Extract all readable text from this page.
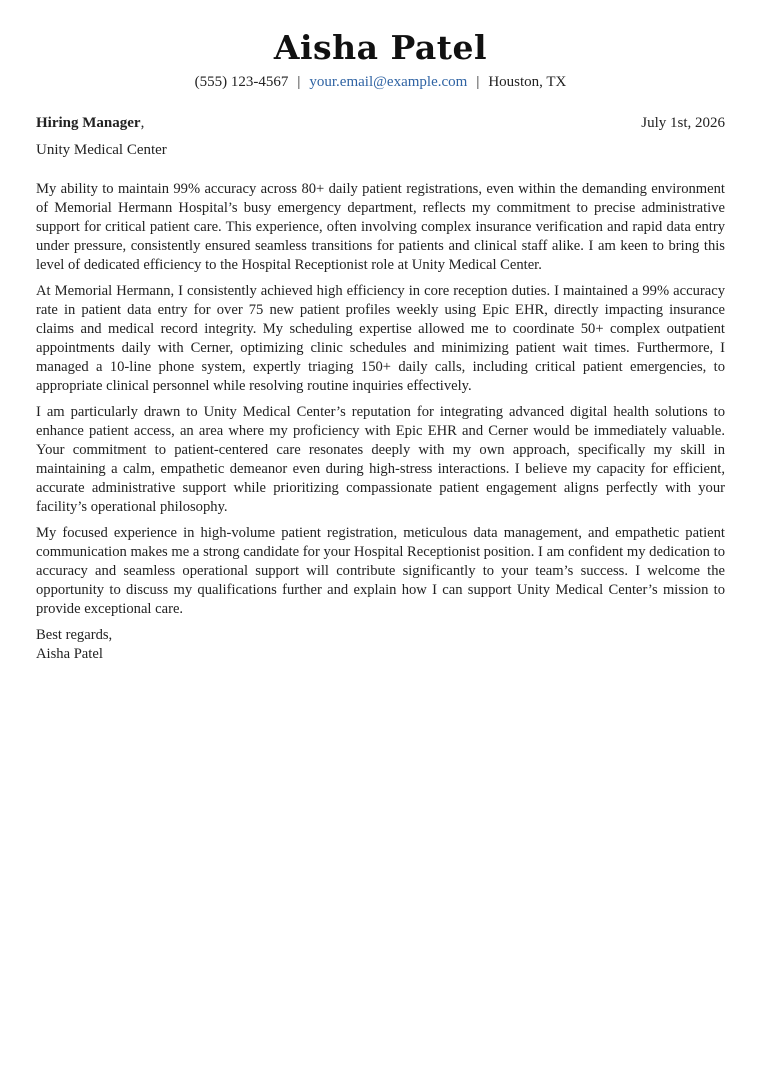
Aisha Patel
(555) 123-4567 | your.email@example.com | Houston, TX
Hiring Manager ,	July 1st, 2026
Unity Medical Center

My ability to maintain 99% accuracy across 80+ daily patient registrations, even within the demanding environment of Memorial Hermann Hospital’s busy emergency department, reflects my commitment to precise administrative support for critical patient care. This experience, often involving complex insurance verification and rapid data entry under pressure, consistently ensured seamless transitions for patients and clinical staff alike. I am keen to bring this level of dedicated efficiency to the Hospital Receptionist role at Unity Medical Center.

At Memorial Hermann, I consistently achieved high efficiency in core reception duties. I maintained a 99% accuracy rate in patient data entry for over 75 new patient profiles weekly using Epic EHR, directly impacting insurance claims and medical record integrity. My scheduling expertise allowed me to coordinate 50+ complex outpatient appointments daily with Cerner, optimizing clinic schedules and minimizing patient wait times. Furthermore, I managed a 10-line phone system, expertly triaging 150+ daily calls, including critical patient emergencies, to appropriate clinical personnel while resolving routine inquiries effectively.

I am particularly drawn to Unity Medical Center’s reputation for integrating advanced digital health solutions to enhance patient access, an area where my proficiency with Epic EHR and Cerner would be immediately valuable. Your commitment to patient-centered care resonates deeply with my own approach, specifically my skill in maintaining a calm, empathetic demeanor even during high-stress interactions. I believe my capacity for efficient, accurate administrative support while prioritizing compassionate patient engagement aligns perfectly with your facility’s operational philosophy.

My focused experience in high-volume patient registration, meticulous data management, and empathetic patient communication makes me a strong candidate for your Hospital Receptionist position. I am confident my dedication to accuracy and seamless operational support will contribute significantly to your team’s success. I welcome the opportunity to discuss my qualifications further and explain how I can support Unity Medical Center’s mission to provide exceptional care.

Best regards,
Aisha Patel
